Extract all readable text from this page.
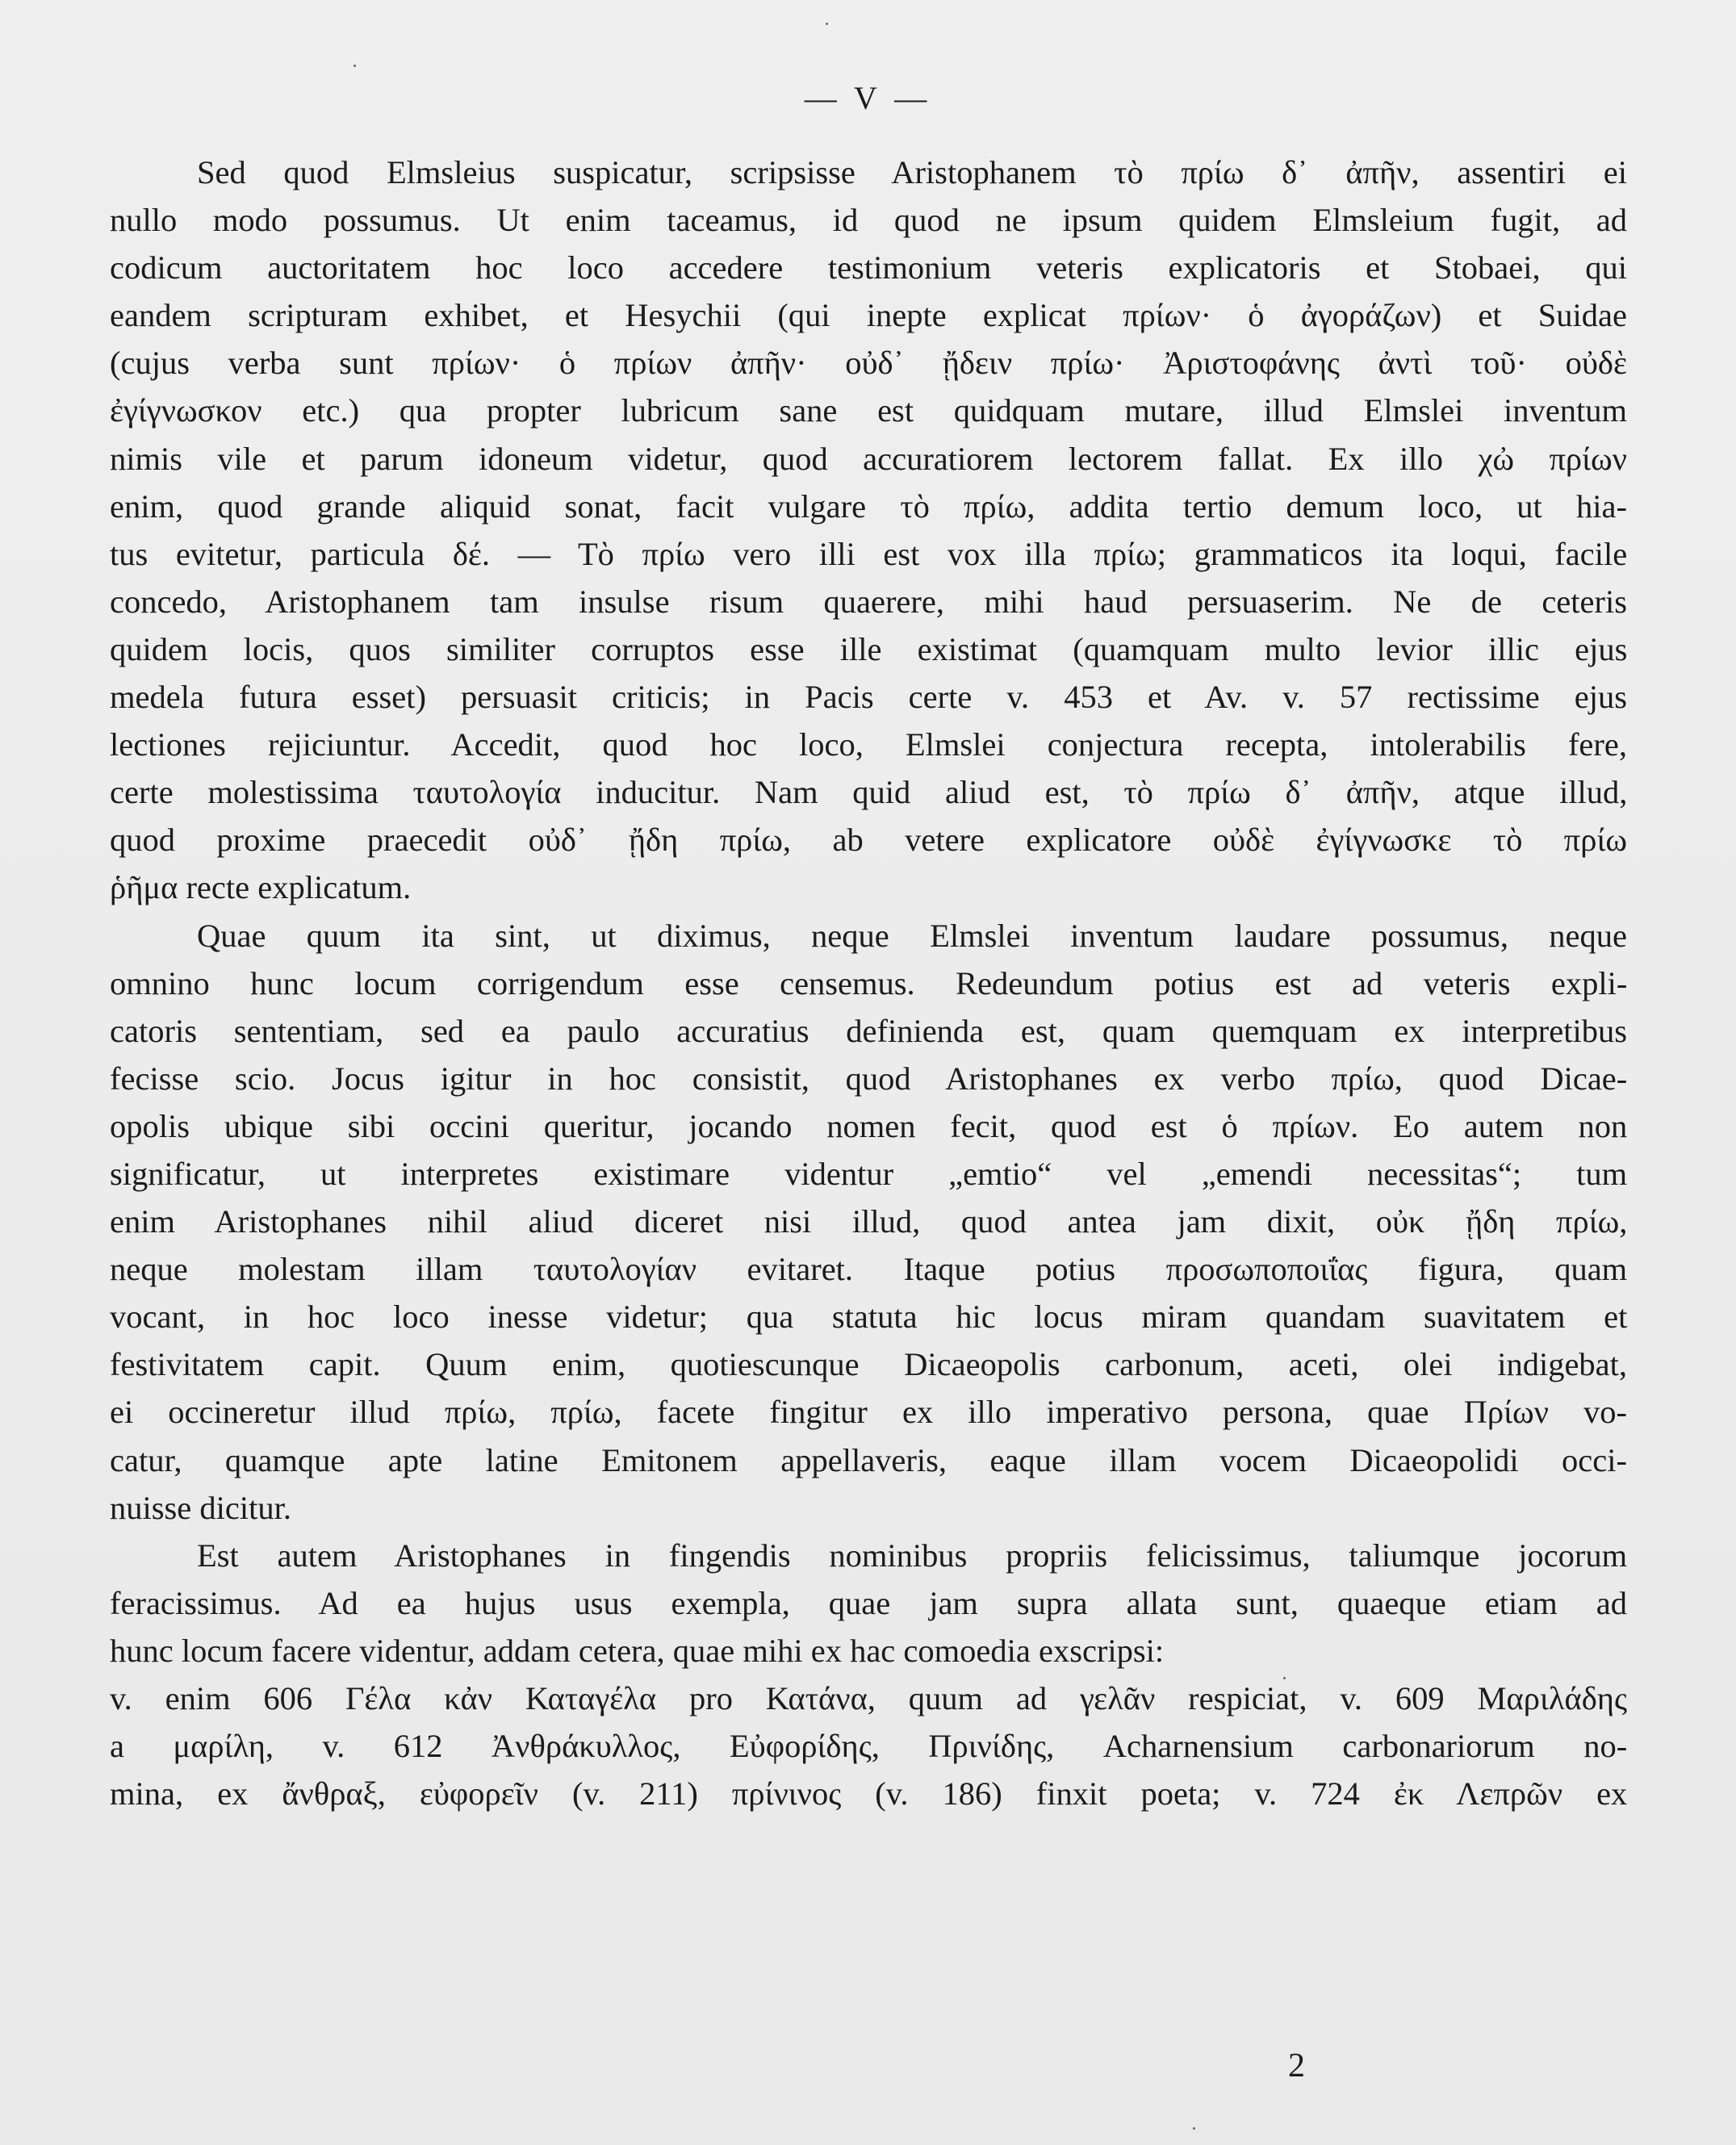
— V —
Sed quod Elmsleius suspicatur, scripsisse Aristophanem τὸ πρίω δ᾽ ἀπῆν, assentiri ei
nullo modo possumus. Ut enim taceamus, id quod ne ipsum quidem Elmsleium fugit, ad
codicum auctoritatem hoc loco accedere testimonium veteris explicatoris et Stobaei, qui
eandem scripturam exhibet, et Hesychii (qui inepte explicat πρίων· ὁ ἀγοράζων) et Suidae
(cujus verba sunt πρίων· ὁ πρίων ἀπῆν· οὐδ᾽ ᾔδειν πρίω· Ἀριστοφάνης ἀντὶ τοῦ· οὐδὲ
ἐγίγνωσκον etc.) qua propter lubricum sane est quidquam mutare, illud Elmslei inventum
nimis vile et parum idoneum videtur, quod accuratiorem lectorem fallat. Ex illo χὠ πρίων
enim, quod grande aliquid sonat, facit vulgare τὸ πρίω, addita tertio demum loco, ut hia-
tus evitetur, particula δέ. — Τὸ πρίω vero illi est vox illa πρίω; grammaticos ita loqui, facile
concedo, Aristophanem tam insulse risum quaerere, mihi haud persuaserim. Ne de ceteris
quidem locis, quos similiter corruptos esse ille existimat (quamquam multo levior illic ejus
medela futura esset) persuasit criticis; in Pacis certe v. 453 et Av. v. 57 rectissime ejus
lectiones rejiciuntur. Accedit, quod hoc loco, Elmslei conjectura recepta, intolerabilis fere,
certe molestissima ταυτολογία inducitur. Nam quid aliud est, τὸ πρίω δ᾽ ἀπῆν, atque illud,
quod proxime praecedit οὐδ᾽ ᾔδη πρίω, ab vetere explicatore οὐδὲ ἐγίγνωσκε τὸ πρίω
ῥῆμα recte explicatum.
Quae quum ita sint, ut diximus, neque Elmslei inventum laudare possumus, neque
omnino hunc locum corrigendum esse censemus. Redeundum potius est ad veteris expli-
catoris sententiam, sed ea paulo accuratius definienda est, quam quemquam ex interpretibus
fecisse scio. Jocus igitur in hoc consistit, quod Aristophanes ex verbo πρίω, quod Dicae-
opolis ubique sibi occini queritur, jocando nomen fecit, quod est ὁ πρίων. Eo autem non
significatur, ut interpretes existimare videntur „emtio“ vel „emendi necessitas“; tum
enim Aristophanes nihil aliud diceret nisi illud, quod antea jam dixit, οὐκ ᾔδη πρίω,
neque molestam illam ταυτολογίαν evitaret. Itaque potius προσωποποιΐας figura, quam
vocant, in hoc loco inesse videtur; qua statuta hic locus miram quandam suavitatem et
festivitatem capit. Quum enim, quotiescunque Dicaeopolis carbonum, aceti, olei indigebat,
ei occineretur illud πρίω, πρίω, facete fingitur ex illo imperativo persona, quae Πρίων vo-
catur, quamque apte latine Emitonem appellaveris, eaque illam vocem Dicaeopolidi occi-
nuisse dicitur.
Est autem Aristophanes in fingendis nominibus propriis felicissimus, taliumque jocorum
feracissimus. Ad ea hujus usus exempla, quae jam supra allata sunt, quaeque etiam ad
hunc locum facere videntur, addam cetera, quae mihi ex hac comoedia exscripsi:
v. enim 606 Γέλα κἀν Καταγέλα pro Κατάνα, quum ad γελᾶν respiciat, v. 609 Μαριλάδης
a μαρίλη, v. 612 Ἀνθράκυλλος, Εὐφορίδης, Πρινίδης, Acharnensium carbonariorum no-
mina, ex ἄνθραξ, εὐφορεῖν (v. 211) πρίνινος (v. 186) finxit poeta; v. 724 ἐκ Λεπρῶν ex
2
